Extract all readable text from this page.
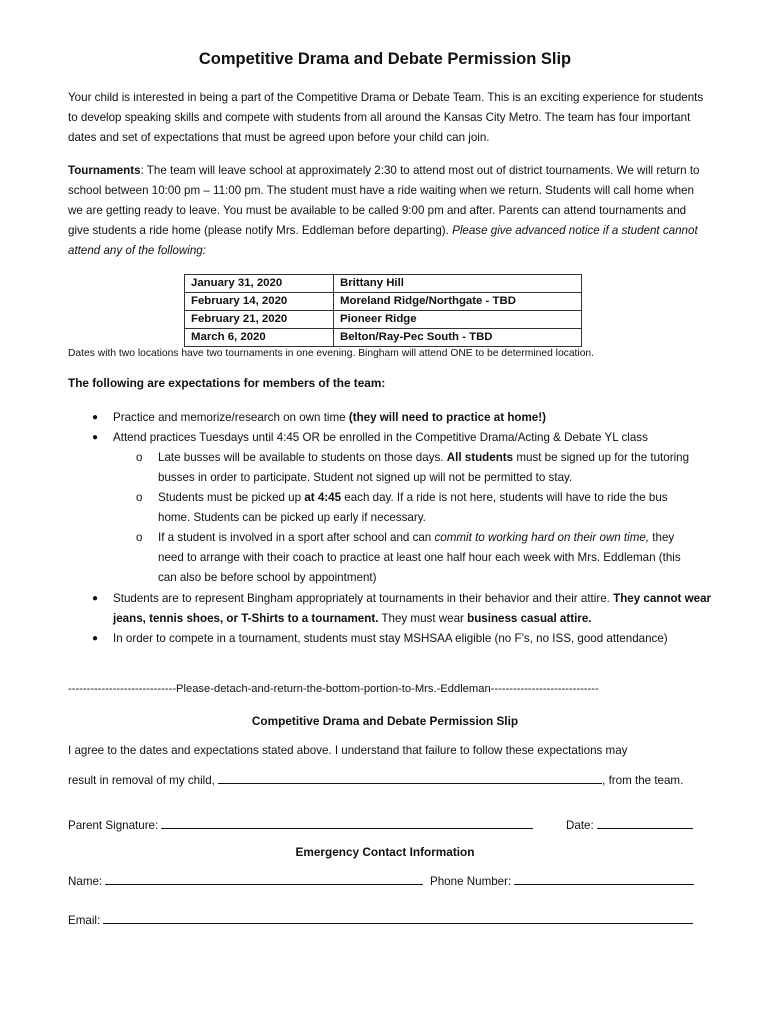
Competitive Drama and Debate Permission Slip

Your child is interested in being a part of the Competitive Drama or Debate Team. This is an exciting experience for students to develop speaking skills and compete with students from all around the Kansas City Metro. The team has four important dates and set of expectations that must be agreed upon before your child can join.

Tournaments: The team will leave school at approximately 2:30 to attend most out of district tournaments. We will return to school between 10:00 pm – 11:00 pm. The student must have a ride waiting when we return. Students will call home when we are getting ready to leave. You must be available to be called 9:00 pm and after. Parents can attend tournaments and give students a ride home (please notify Mrs. Eddleman before departing). Please give advanced notice if a student cannot attend any of the following:

January 31, 2020	Brittany Hill
February 14, 2020	Moreland Ridge/Northgate - TBD
February 21, 2020	Pioneer Ridge
March 6, 2020	Belton/Ray-Pec South - TBD
Dates with two locations have two tournaments in one evening. Bingham will attend ONE to be determined location.
The following are expectations for members of the team:

● Practice and memorize/research on own time (they will need to practice at home!)

● Attend practices Tuesdays until 4:45 OR be enrolled in the Competitive Drama/Acting & Debate YL class

o Late busses will be available to students on those days. All students must be signed up for the tutoring busses in order to participate. Student not signed up will not be permitted to stay.

o Students must be picked up at 4:45 each day. If a ride is not here, students will have to ride the bus home. Students can be picked up early if necessary.

o If a student is involved in a sport after school and can commit to working hard on their own time, they need to arrange with their coach to practice at least one half hour each week with Mrs. Eddleman (this can also be before school by appointment)

● Students are to represent Bingham appropriately at tournaments in their behavior and their attire. They cannot wear jeans, tennis shoes, or T-Shirts to a tournament. They must wear business casual attire.

● In order to compete in a tournament, students must stay MSHSAA eligible (no F’s, no ISS, good attendance)

-----------------------------Please-detach-and-return-the-bottom-portion-to-Mrs.-Eddleman-----------------------------
Competitive Drama and Debate Permission Slip
I agree to the dates and expectations stated above. I understand that failure to follow these expectations may
result in removal of my child,	, from the team.
Parent Signature:	Date:
Emergency Contact Information
Name:	Phone Number:
Email:
